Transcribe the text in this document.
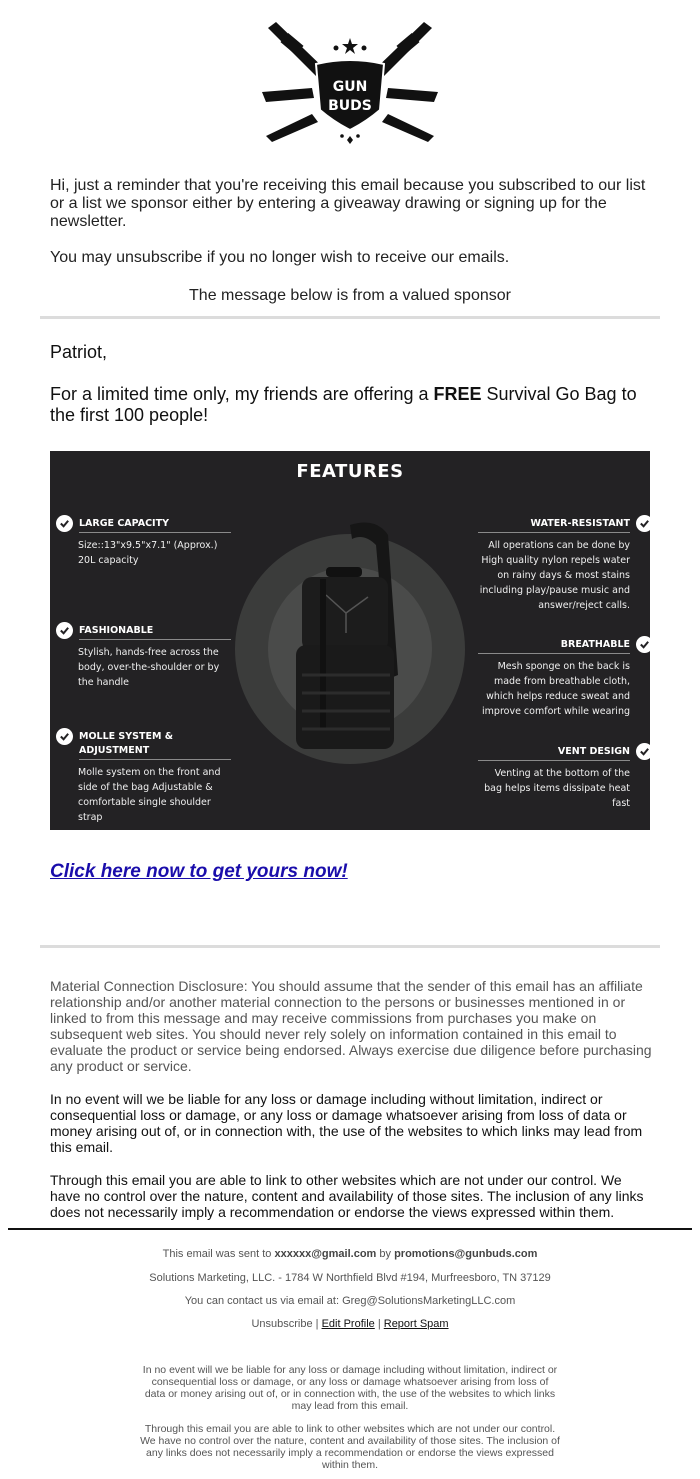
GUN
BUDS

Hi, just a reminder that you're receiving this email because you subscribed to our list or a list we sponsor either by entering a giveaway drawing or signing up for the newsletter.

You may unsubscribe if you no longer wish to receive our emails.

The message below is from a valued sponsor
Patriot,
For a limited time only, my friends are offering a FREE Survival Go Bag to the first 100 people!
FEATURES
LARGE CAPACITY
Size::13"x9.5"x7.1" (Approx.) 20L capacity
FASHIONABLE
Stylish, hands-free across the body, over-the-shoulder or by the handle
MOLLE SYSTEM & ADJUSTMENT
Molle system on the front and side of the bag Adjustable & comfortable single shoulder strap
WATER-RESISTANT
All operations can be done by High quality nylon repels water on rainy days & most stains including play/pause music and answer/reject calls.
BREATHABLE
Mesh sponge on the back is made from breathable cloth, which helps reduce sweat and improve comfort while wearing
VENT DESIGN
Venting at the bottom of the bag helps items dissipate heat fast
Click here now to get yours now!
Material Connection Disclosure: You should assume that the sender of this email has an affiliate relationship and/or another material connection to the persons or businesses mentioned in or linked to from this message and may receive commissions from purchases you make on subsequent web sites. You should never rely solely on information contained in this email to evaluate the product or service being endorsed. Always exercise due diligence before purchasing any product or service.
In no event will we be liable for any loss or damage including without limitation, indirect or consequential loss or damage, or any loss or damage whatsoever arising from loss of data or money arising out of, or in connection with, the use of the websites to which links may lead from this email.
Through this email you are able to link to other websites which are not under our control. We have no control over the nature, content and availability of those sites. The inclusion of any links does not necessarily imply a recommendation or endorse the views expressed within them.
This email was sent to xxxxxx@gmail.com by promotions@gunbuds.com
Solutions Marketing, LLC. - 1784 W Northfield Blvd #194, Murfreesboro, TN 37129
You can contact us via email at: Greg@SolutionsMarketingLLC.com
Unsubscribe | Edit Profile | Report Spam
In no event will we be liable for any loss or damage including without limitation, indirect or consequential loss or damage, or any loss or damage whatsoever arising from loss of data or money arising out of, or in connection with, the use of the websites to which links may lead from this email.
Through this email you are able to link to other websites which are not under our control. We have no control over the nature, content and availability of those sites. The inclusion of any links does not necessarily imply a recommendation or endorse the views expressed within them.
